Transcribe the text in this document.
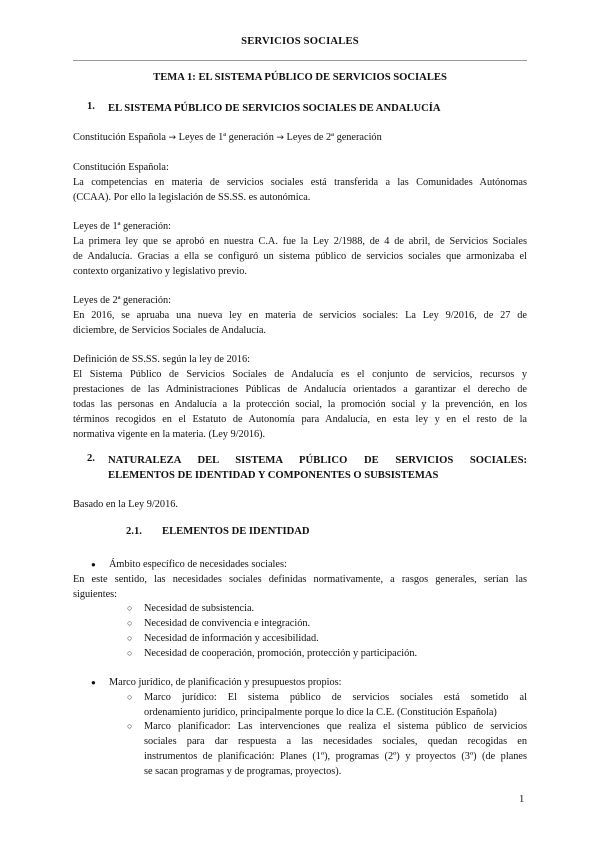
SERVICIOS SOCIALES
TEMA 1: EL SISTEMA PÚBLICO DE SERVICIOS SOCIALES
1. EL SISTEMA PÚBLICO DE SERVICIOS SOCIALES DE ANDALUCÍA
Constitución Española → Leyes de 1ª generación → Leyes de 2ª generación
Constitución Española:
La competencias en materia de servicios sociales está transferida a las Comunidades Autónomas
(CCAA). Por ello la legislación de SS.SS. es autonómica.
Leyes de 1ª generación:
La primera ley que se aprobó en nuestra C.A. fue la Ley 2/1988, de 4 de abril, de Servicios Sociales
de Andalucía. Gracias a ella se configuró un sistema público de servicios sociales que armonizaba el
contexto organizativo y legislativo previo.
Leyes de 2ª generación:
En 2016, se apruaba una nueva ley en materia de servicios sociales: La Ley 9/2016, de 27 de
diciembre, de Servicios Sociales de Andalucía.
Definición de SS.SS. según la ley de 2016:
El Sistema Público de Servicios Sociales de Andalucía es el conjunto de servicios, recursos y
prestaciones de las Administraciones Públicas de Andalucía orientados a garantizar el derecho de
todas las personas en Andalucía a la protección social, la promoción social y la prevención, en los
términos recogidos en el Estatuto de Autonomía para Andalucía, en esta ley y en el resto de la
normativa vigente en la materia. (Ley 9/2016).
2. NATURALEZA DEL SISTEMA PÚBLICO DE SERVICIOS SOCIALES:
ELEMENTOS DE IDENTIDAD Y COMPONENTES O SUBSISTEMAS
Basado en la Ley 9/2016.
2.1. ELEMENTOS DE IDENTIDAD
● Ámbito específico de necesidades sociales:
En este sentido, las necesidades sociales definidas normativamente, a rasgos generales, serían las
siguientes:
○ Necesidad de subsistencia.
○ Necesidad de convivencia e integración.
○ Necesidad de información y accesibilidad.
○ Necesidad de cooperación, promoción, protección y participación.
● Marco jurídico, de planificación y presupuestos propios:
○ Marco jurídico: El sistema público de servicios sociales está sometido al
ordenamiento jurídico, principalmente porque lo dice la C.E. (Constitución Española)
○ Marco planificador: Las intervenciones que realiza el sistema público de servicios
sociales para dar respuesta a las necesidades sociales, quedan recogidas en
instrumentos de planificación: Planes (1º), programas (2º) y proyectos (3º) (de planes
se sacan programas y de programas, proyectos).
1
